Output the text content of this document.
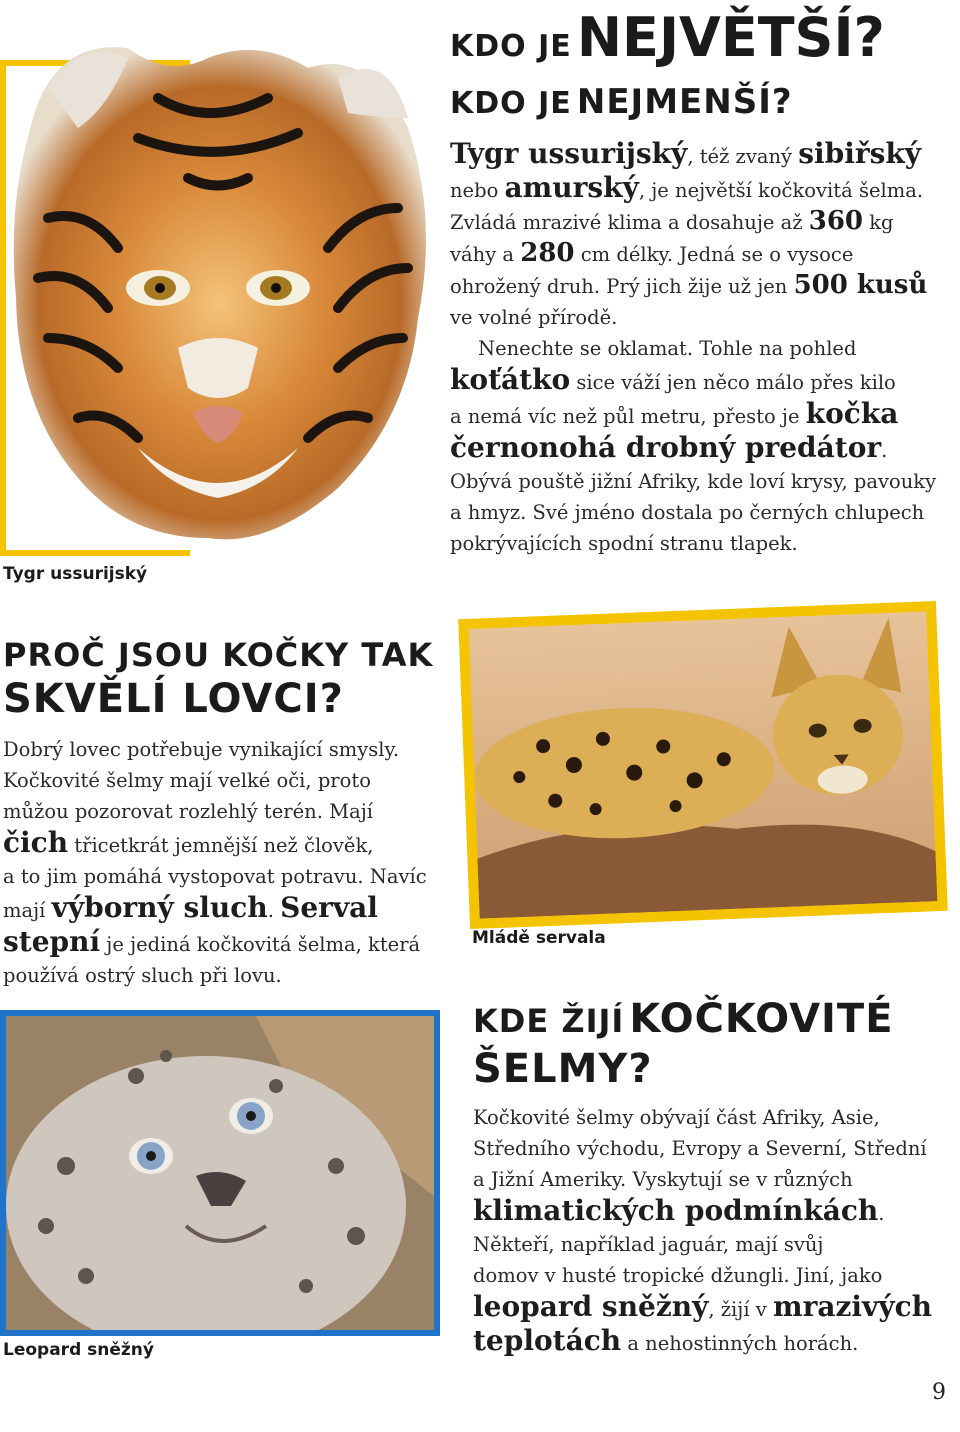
Tygr ussurijský
KDO JE NEJVĚTŠÍ?
KDO JE NEJMENŠÍ?
Tygr ussurijský, též zvaný sibiřský
nebo amurský, je největší kočkovitá šelma.
Zvládá mrazivé klima a dosahuje až 360 kg
váhy a 280 cm délky. Jedná se o vysoce
ohrožený druh. Prý jich žije už jen 500 kusů
ve volné přírodě.
Nenechte se oklamat. Tohle na pohled
koťátko sice váží jen něco málo přes kilo
a nemá víc než půl metru, přesto je kočka
černonohá drobný predátor.
Obývá pouště jižní Afriky, kde loví krysy, pavouky
a hmyz. Své jméno dostala po černých chlupech
pokrývajících spodní stranu tlapek.
PROČ JSOU KOČKY TAK
SKVĚLÍ LOVCI?
Dobrý lovec potřebuje vynikající smysly.
Kočkovité šelmy mají velké oči, proto
můžou pozorovat rozlehlý terén. Mají
čich třicetkrát jemnější než člověk,
a to jim pomáhá vystopovat potravu. Navíc
mají výborný sluch. Serval
stepní je jediná kočkovitá šelma, která
používá ostrý sluch při lovu.
Mládě servala
Leopard sněžný
KDE ŽIJÍ KOČKOVITÉ
ŠELMY?
Kočkovité šelmy obývají část Afriky, Asie,
Středního východu, Evropy a Severní, Střední
a Jižní Ameriky. Vyskytují se v různých
klimatických podmínkách.
Někteří, například jaguár, mají svůj
domov v husté tropické džungli. Jiní, jako
leopard sněžný, žijí v mrazivých
teplotách a nehostinných horách.
9
